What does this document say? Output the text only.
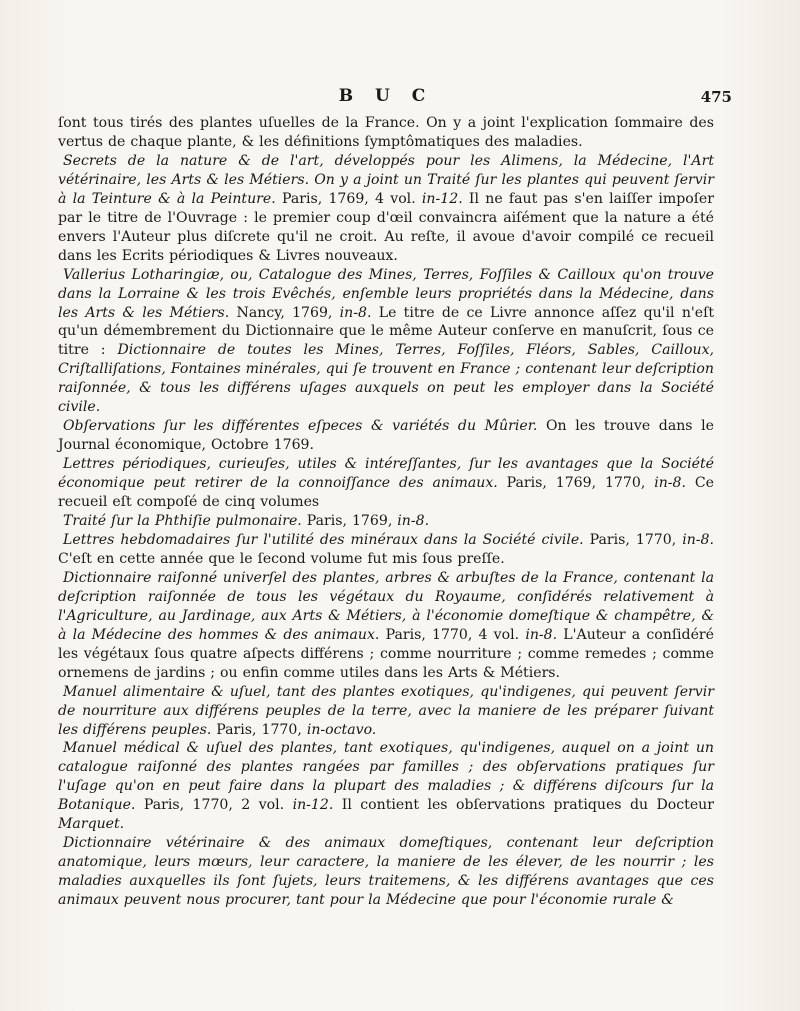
B U C	475

ſont tous tirés des plantes uſuelles de la France. On y a joint l'explication ſommaire des vertus de chaque plante, & les définitions ſymptômatiques des maladies.

Secrets de la nature & de l'art, développés pour les Alimens, la Médecine, l'Art vétérinaire, les Arts & les Métiers. On y a joint un Traité ſur les plantes qui peuvent ſervir à la Teinture & à la Peinture. Paris, 1769, 4 vol. in-12. Il ne faut pas s'en laiſſer impoſer par le titre de l'Ouvrage : le premier coup d'œil convaincra aiſément que la nature a été envers l'Auteur plus diſcrete qu'il ne croit. Au reſte, il avoue d'avoir compilé ce recueil dans les Ecrits périodiques & Livres nouveaux.

Vallerius Lotharingiæ, ou, Catalogue des Mines, Terres, Foſſiles & Cailloux qu'on trouve dans la Lorraine & les trois Evêchés, enſemble leurs propriétés dans la Médecine, dans les Arts & les Métiers. Nancy, 1769, in-8. Le titre de ce Livre annonce aſſez qu'il n'eſt qu'un démembrement du Dictionnaire que le même Auteur conſerve en manuſcrit, ſous ce titre : Dictionnaire de toutes les Mines, Terres, Foſſiles, Fléors, Sables, Cailloux, Criſtalliſations, Fontaines minérales, qui ſe trouvent en France ; contenant leur deſcription raiſonnée, & tous les différens uſages auxquels on peut les employer dans la Société civile.

Obſervations ſur les différentes eſpeces & variétés du Mûrier. On les trouve dans le Journal économique, Octobre 1769.

Lettres périodiques, curieuſes, utiles & intéreſſantes, ſur les avantages que la Société économique peut retirer de la connoiſſance des animaux. Paris, 1769, 1770, in-8. Ce recueil eſt compoſé de cinq volumes

Traité ſur la Phthiſie pulmonaire. Paris, 1769, in-8.

Lettres hebdomadaires ſur l'utilité des minéraux dans la Société civile. Paris, 1770, in-8. C'eſt en cette année que le ſecond volume fut mis ſous preſſe.

Dictionnaire raiſonné univerſel des plantes, arbres & arbuſtes de la France, contenant la deſcription raiſonnée de tous les végétaux du Royaume, conſidérés relativement à l'Agriculture, au Jardinage, aux Arts & Métiers, à l'économie domeſtique & champêtre, & à la Médecine des hommes & des animaux. Paris, 1770, 4 vol. in-8. L'Auteur a conſidéré les végétaux ſous quatre aſpects différens ; comme nourriture ; comme remedes ; comme ornemens de jardins ; ou enfin comme utiles dans les Arts & Métiers.

Manuel alimentaire & uſuel, tant des plantes exotiques, qu'indigenes, qui peuvent ſervir de nourriture aux différens peuples de la terre, avec la maniere de les préparer ſuivant les différens peuples. Paris, 1770, in-octavo.

Manuel médical & uſuel des plantes, tant exotiques, qu'indigenes, auquel on a joint un catalogue raiſonné des plantes rangées par familles ; des obſervations pratiques ſur l'uſage qu'on en peut faire dans la plupart des maladies ; & différens diſcours ſur la Botanique. Paris, 1770, 2 vol. in-12. Il contient les obſervations pratiques du Docteur Marquet.

Dictionnaire vétérinaire & des animaux domeſtiques, contenant leur deſcription anatomique, leurs mœurs, leur caractere, la maniere de les élever, de les nourrir ; les maladies auxquelles ils ſont ſujets, leurs traitemens, & les différens avantages que ces animaux peuvent nous procurer, tant pour la Médecine que pour l'économie rurale &
